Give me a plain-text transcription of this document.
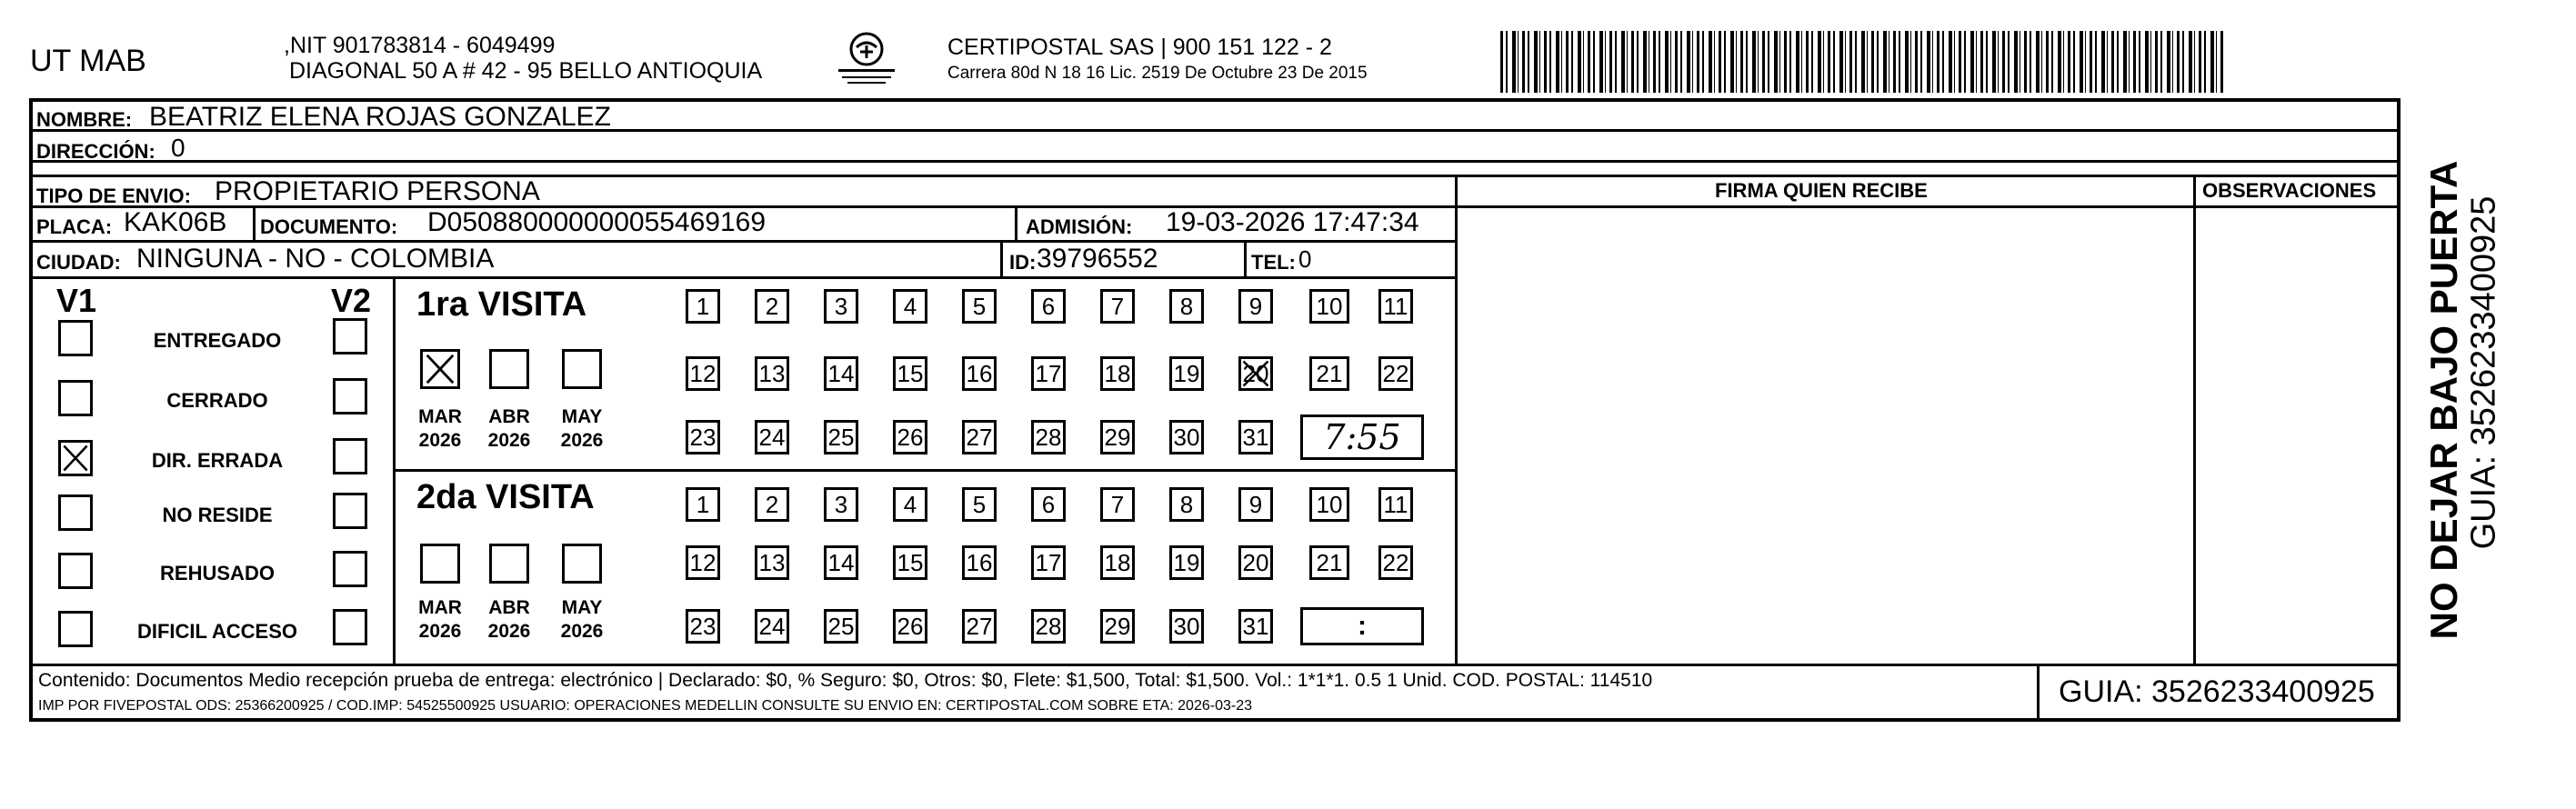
UT MAB	,NIT 901783814 - 6049499
DIAGONAL 50 A # 42 - 95 BELLO ANTIOQUIA
CERTIPOSTAL SAS | 900 151 122 - 2
Carrera 80d N 18 16 Lic. 2519 De Octubre 23 De 2015
NOMBRE: BEATRIZ ELENA ROJAS GONZALEZ
DIRECCIÓN: 0
TIPO DE ENVIO: PROPIETARIO PERSONA	FIRMA QUIEN RECIBE	OBSERVACIONES
PLACA: KAK06B DOCUMENTO: D050880000000055469169	ADMISIÓN: 19-03-2026 17:47:34
CIUDAD: NINGUNA - NO - COLOMBIA	ID: 39796552	TEL: 0
V1	V2
ENTREGADO
CERRADO
DIR. ERRADA
NO RESIDE
REHUSADO
DIFICIL ACCESO
1ra VISITA
MAR
2026
ABR
2026
MAY
2026
1	2	3	4	5	6	7	8	9	10 11
12 13 14 15 16 17 18 19 20 21 22
23 24 25 26 27 28 29 30 31	7:55
2da VISITA
MAR
2026
ABR
2026
MAY
2026
1	2	3	4	5	6	7	8	9	10 11
12 13 14 15 16 17 18 19 20 21 22
23 24 25 26 27 28 29 30 31	:
Contenido: Documentos Medio recepción prueba de entrega: electrónico | Declarado: $0, % Seguro: $0, Otros: $0, Flete: $1,500, Total: $1,500. Vol.: 1*1*1. 0.5 1 Unid. COD. POSTAL: 114510
IMP POR FIVEPOSTAL ODS: 25366200925 / COD.IMP: 54525500925 USUARIO: OPERACIONES MEDELLIN CONSULTE SU ENVIO EN: CERTIPOSTAL.COM SOBRE ETA: 2026-03-23	GUIA: 3526233400925
NO DEJAR BAJO PUERTA GUIA: 3526233400925
